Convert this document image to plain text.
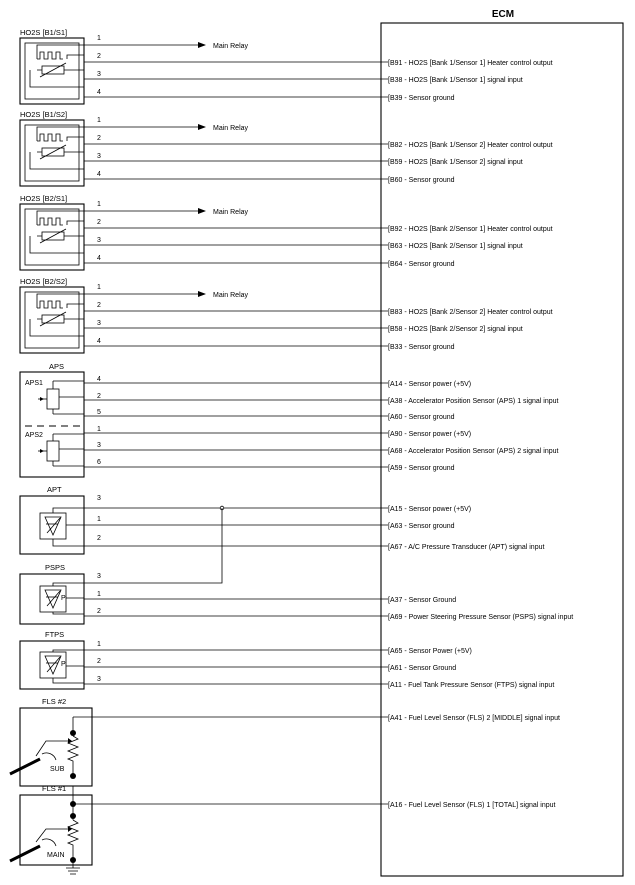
ECM
HO2S [B1/S1]
1
2
3
4
Main Relay
[B91 - HO2S [Bank 1/Sensor 1] Heater control output
[B38 - HO2S [Bank 1/Sensor 1] signal input
[B39 - Sensor ground
HO2S [B1/S2]
1
2
3
4
Main Relay
[B82 - HO2S [Bank 1/Sensor 2] Heater control output
[B59 - HO2S [Bank 1/Sensor 2] signal input
[B60 - Sensor ground
HO2S [B2/S1]
1
2
3
4
Main Relay
[B92 - HO2S [Bank 2/Sensor 1] Heater control output
[B63 - HO2S [Bank 2/Sensor 1] signal input
[B64 - Sensor ground
HO2S [B2/S2]
1
2
3
4
Main Relay
[B83 - HO2S [Bank 2/Sensor 2] Heater control output
[B58 - HO2S [Bank 2/Sensor 2] signal input
[B33 - Sensor ground
APS
APS1
APS2
4
2
5
1
3
6
[A14 - Sensor power (+5V)
[A38 - Accelerator Position Sensor (APS) 1 signal input
[A60 - Sensor ground
[A90 - Sensor power (+5V)
[A68 - Accelerator Position Sensor (APS) 2 signal input
[A59 - Sensor ground
APT
3
1
2
[A15 - Sensor power (+5V)
[A63 - Sensor ground
[A67 - A/C Pressure Transducer (APT) signal input
PSPS
P
3
1
2
[A37 - Sensor Ground
[A69 - Power Steering Pressure Sensor (PSPS) signal input
FTPS
P
1
2
3
[A65 - Sensor Power (+5V)
[A61 - Sensor Ground
[A11 - Fuel Tank Pressure Sensor (FTPS) signal input
FLS #2
SUB
[A41 - Fuel Level Sensor (FLS) 2 [MIDDLE] signal input
FLS #1
MAIN
[A16 - Fuel Level Sensor (FLS) 1 [TOTAL] signal input
